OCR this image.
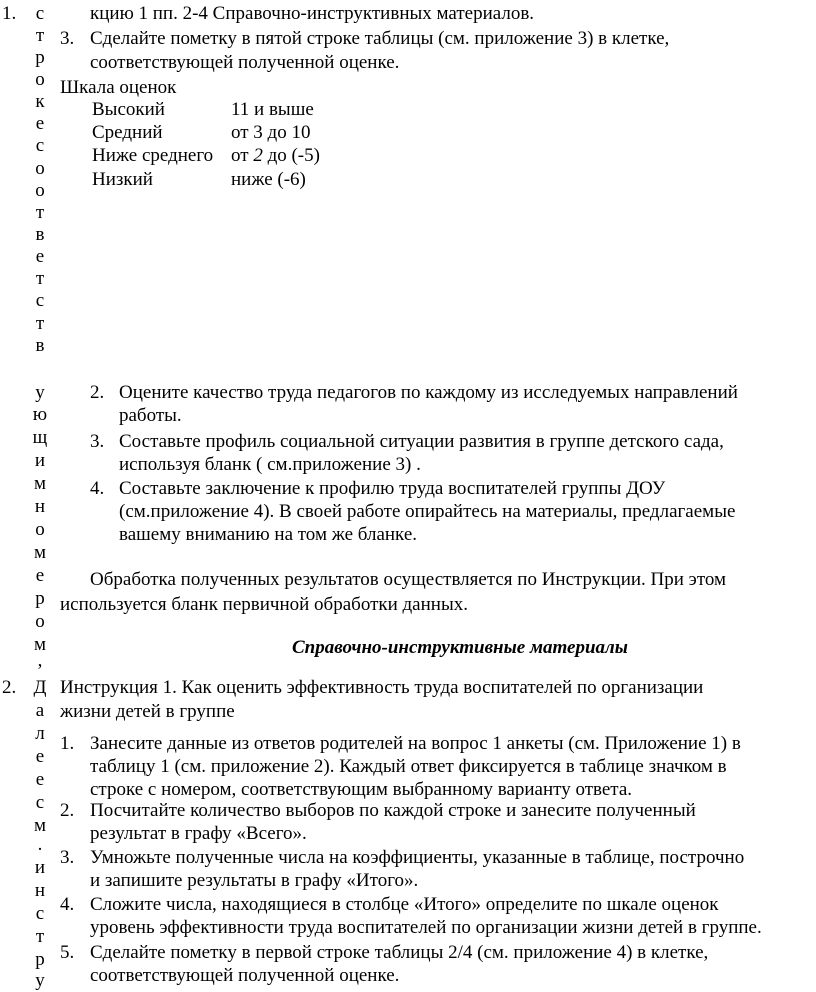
1.
2.
с
т
р
о
к
е
с
о
о
т
в
е
т
с
т
в
у
ю
щ
и
м
н
о
м
е
р
о
м
,
Д
а
л
е
е
с
м
.
и
н
с
т
р
у
кцию 1 пп. 2-4 Справочно-инструктивных материалов.
3. Сделайте пометку в пятой строке таблицы (см. приложение 3) в клетке,
соответствующей полученной оценке.
Шкала оценок
Высокий	11 и выше
Средний	от 3 до 10
Ниже среднего от 2 до (-5)
Низкий	ниже (-6)
2. Оцените качество труда педагогов по каждому из исследуемых направлений
работы.
3. Составьте профиль социальной ситуации развития в группе детского сада,
используя бланк ( см.приложение 3) .
4. Составьте заключение к профилю труда воспитателей группы ДОУ
(см.приложение 4). В своей работе опирайтесь на материалы, предлагаемые
вашему вниманию на том же бланке.
Обработка полученных результатов осуществляется по Инструкции. При этом
используется бланк первичной обработки данных.
Справочно-инструктивные материалы
Инструкция 1. Как оценить эффективность труда воспитателей по организации
жизни детей в группе
1. Занесите данные из ответов родителей на вопрос 1 анкеты (см. Приложение 1) в
таблицу 1 (см. приложение 2). Каждый ответ фиксируется в таблице значком в
строке с номером, соответствующим выбранному варианту ответа.
2. Посчитайте количество выборов по каждой строке и занесите полученный
результат в графу «Всего».
3. Умножьте полученные числа на коэффициенты, указанные в таблице, построчно
и запишите результаты в графу «Итого».
4. Сложите числа, находящиеся в столбце «Итого» определите по шкале оценок
уровень эффективности труда воспитателей по организации жизни детей в группе.
5. Сделайте пометку в первой строке таблицы 2/4 (см. приложение 4) в клетке,
соответствующей полученной оценке.
